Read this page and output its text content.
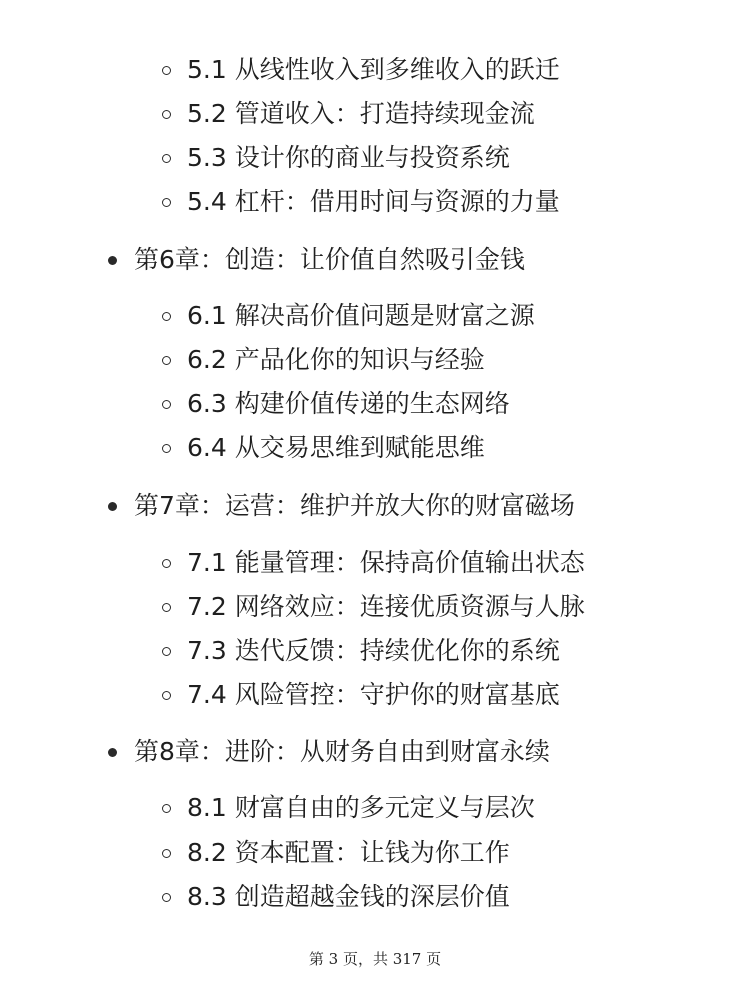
5.1 从线性收入到多维收入的跃迁
5.2 管道收入：打造持续现金流
5.3 设计你的商业与投资系统
5.4 杠杆：借用时间与资源的力量
第6章：创造：让价值自然吸引金钱
6.1 解决高价值问题是财富之源
6.2 产品化你的知识与经验
6.3 构建价值传递的生态网络
6.4 从交易思维到赋能思维
第7章：运营：维护并放大你的财富磁场
7.1 能量管理：保持高价值输出状态
7.2 网络效应：连接优质资源与人脉
7.3 迭代反馈：持续优化你的系统
7.4 风险管控：守护你的财富基底
第8章：进阶：从财务自由到财富永续
8.1 财富自由的多元定义与层次
8.2 资本配置：让钱为你工作
8.3 创造超越金钱的深层价值
第 3 页，共 317 页
